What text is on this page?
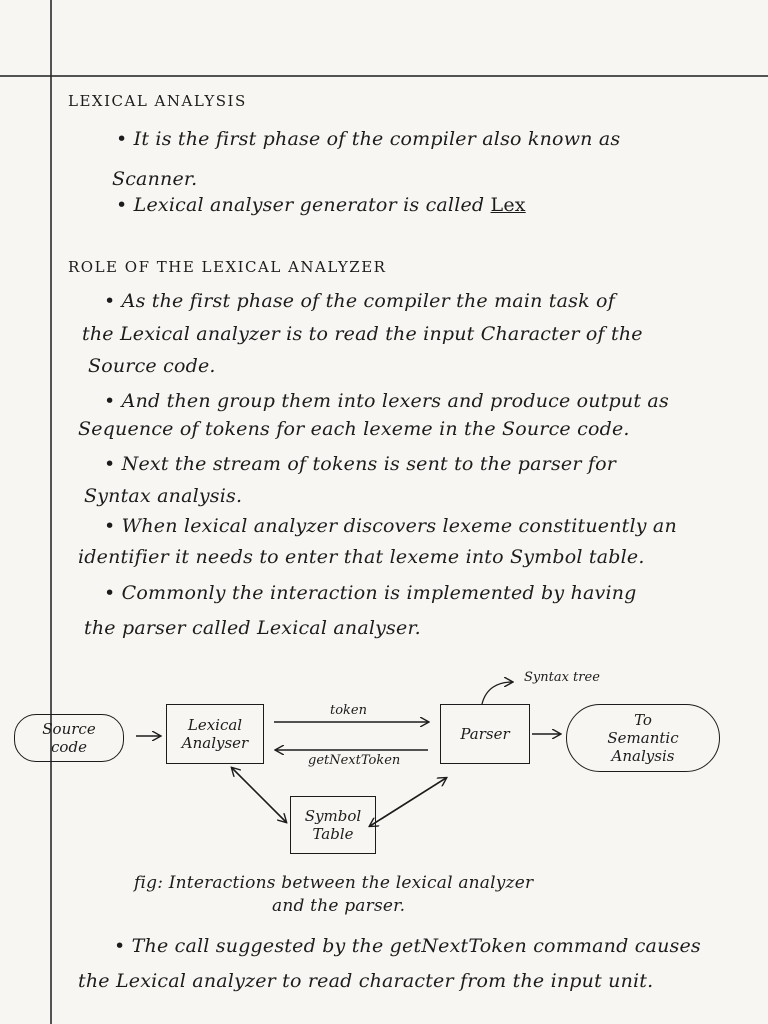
LEXICAL ANALYSIS
• It is the first phase of the compiler also known as
Scanner.
• Lexical analyser generator is called Lex
ROLE OF THE LEXICAL ANALYZER
• As the first phase of the compiler the main task of
the Lexical analyzer is to read the input Character of the
Source code.
• And then group them into lexers and produce output as
Sequence of tokens for each lexeme in the Source code.
• Next the stream of tokens is sent to the parser for
Syntax analysis.
• When lexical analyzer discovers lexeme constituently an
identifier it needs to enter that lexeme into Symbol table.
• Commonly the interaction is implemented by having
the parser called Lexical analyser.
Source
code
Lexical
Analyser	Parser
To
Semantic
Analysis
Symbol
Table
token
getNextToken
Syntax tree
fig: Interactions between the lexical analyzer
and the parser.
• The call suggested by the getNextToken command causes
the Lexical analyzer to read character from the input unit.
